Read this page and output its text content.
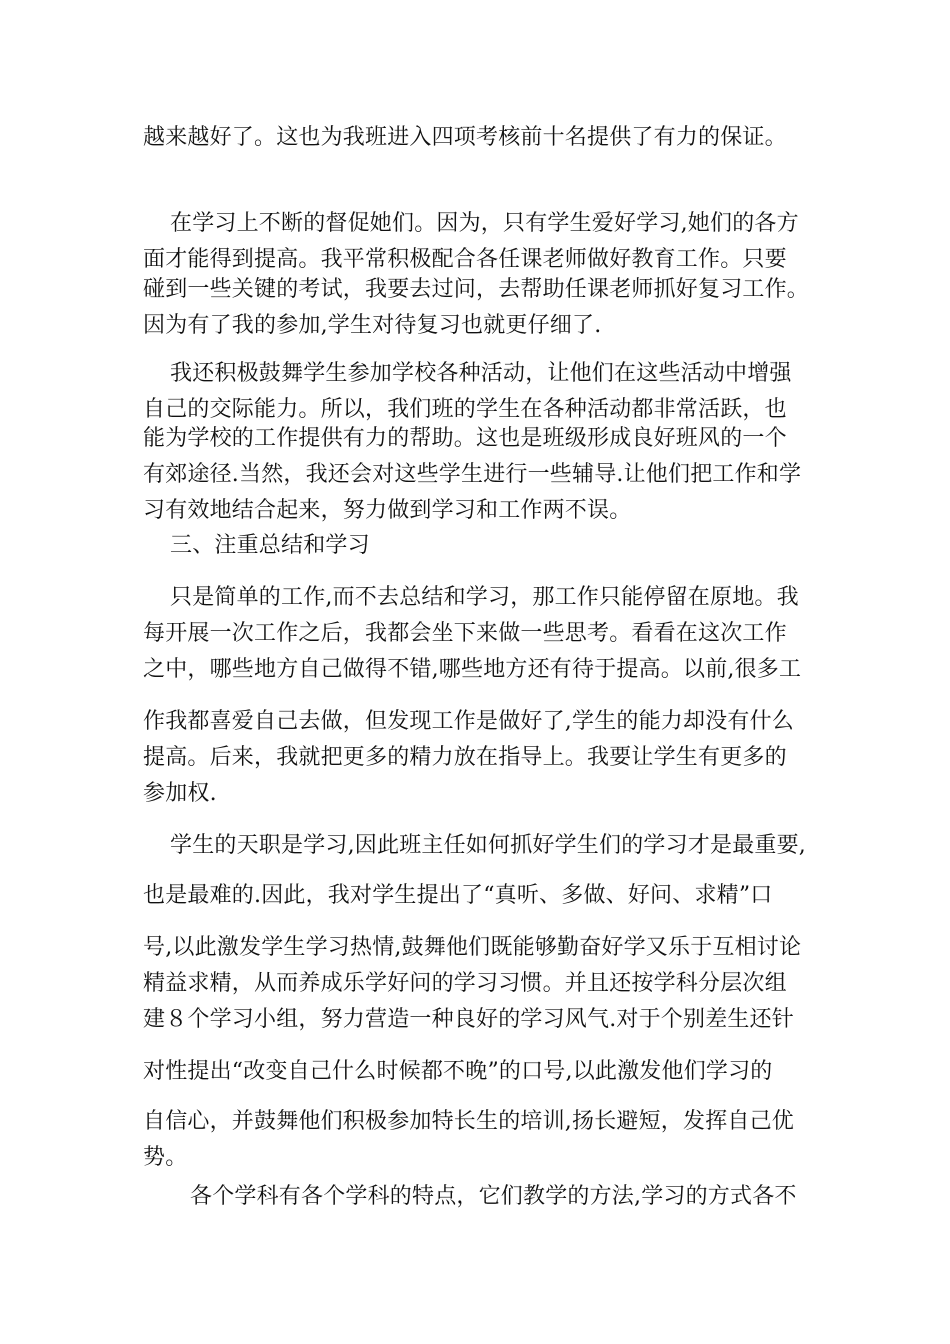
越来越好了。这也为我班进入四项考核前十名提供了有力的保证。
在学习上不断的督促她们。因为，只有学生爱好学习,她们的各方
面才能得到提高。我平常积极配合各任课老师做好教育工作。只要
碰到一些关键的考试，我要去过问，去帮助任课老师抓好复习工作。
因为有了我的参加,学生对待复习也就更仔细了.
我还积极鼓舞学生参加学校各种活动，让他们在这些活动中增强
自己的交际能力。所以，我们班的学生在各种活动都非常活跃，也
能为学校的工作提供有力的帮助。这也是班级形成良好班风的一个
有郊途径.当然，我还会对这些学生进行一些辅导.让他们把工作和学
习有效地结合起来，努力做到学习和工作两不误。
三、注重总结和学习
只是简单的工作,而不去总结和学习，那工作只能停留在原地。我
每开展一次工作之后，我都会坐下来做一些思考。看看在这次工作
之中，哪些地方自己做得不错,哪些地方还有待于提高。以前,很多工
作我都喜爱自己去做，但发现工作是做好了,学生的能力却没有什么
提高。后来，我就把更多的精力放在指导上。我要让学生有更多的
参加权.
学生的天职是学习,因此班主任如何抓好学生们的学习才是最重要,
也是最难的.因此，我对学生提出了“真听、多做、好问、求精”口
号,以此激发学生学习热情,鼓舞他们既能够勤奋好学又乐于互相讨论
精益求精，从而养成乐学好问的学习习惯。并且还按学科分层次组
建８个学习小组，努力营造一种良好的学习风气.对于个别差生还针
对性提出“改变自己什么时候都不晚”的口号,以此激发他们学习的
自信心，并鼓舞他们积极参加特长生的培训,扬长避短，发挥自己优
势。
各个学科有各个学科的特点，它们教学的方法,学习的方式各不
